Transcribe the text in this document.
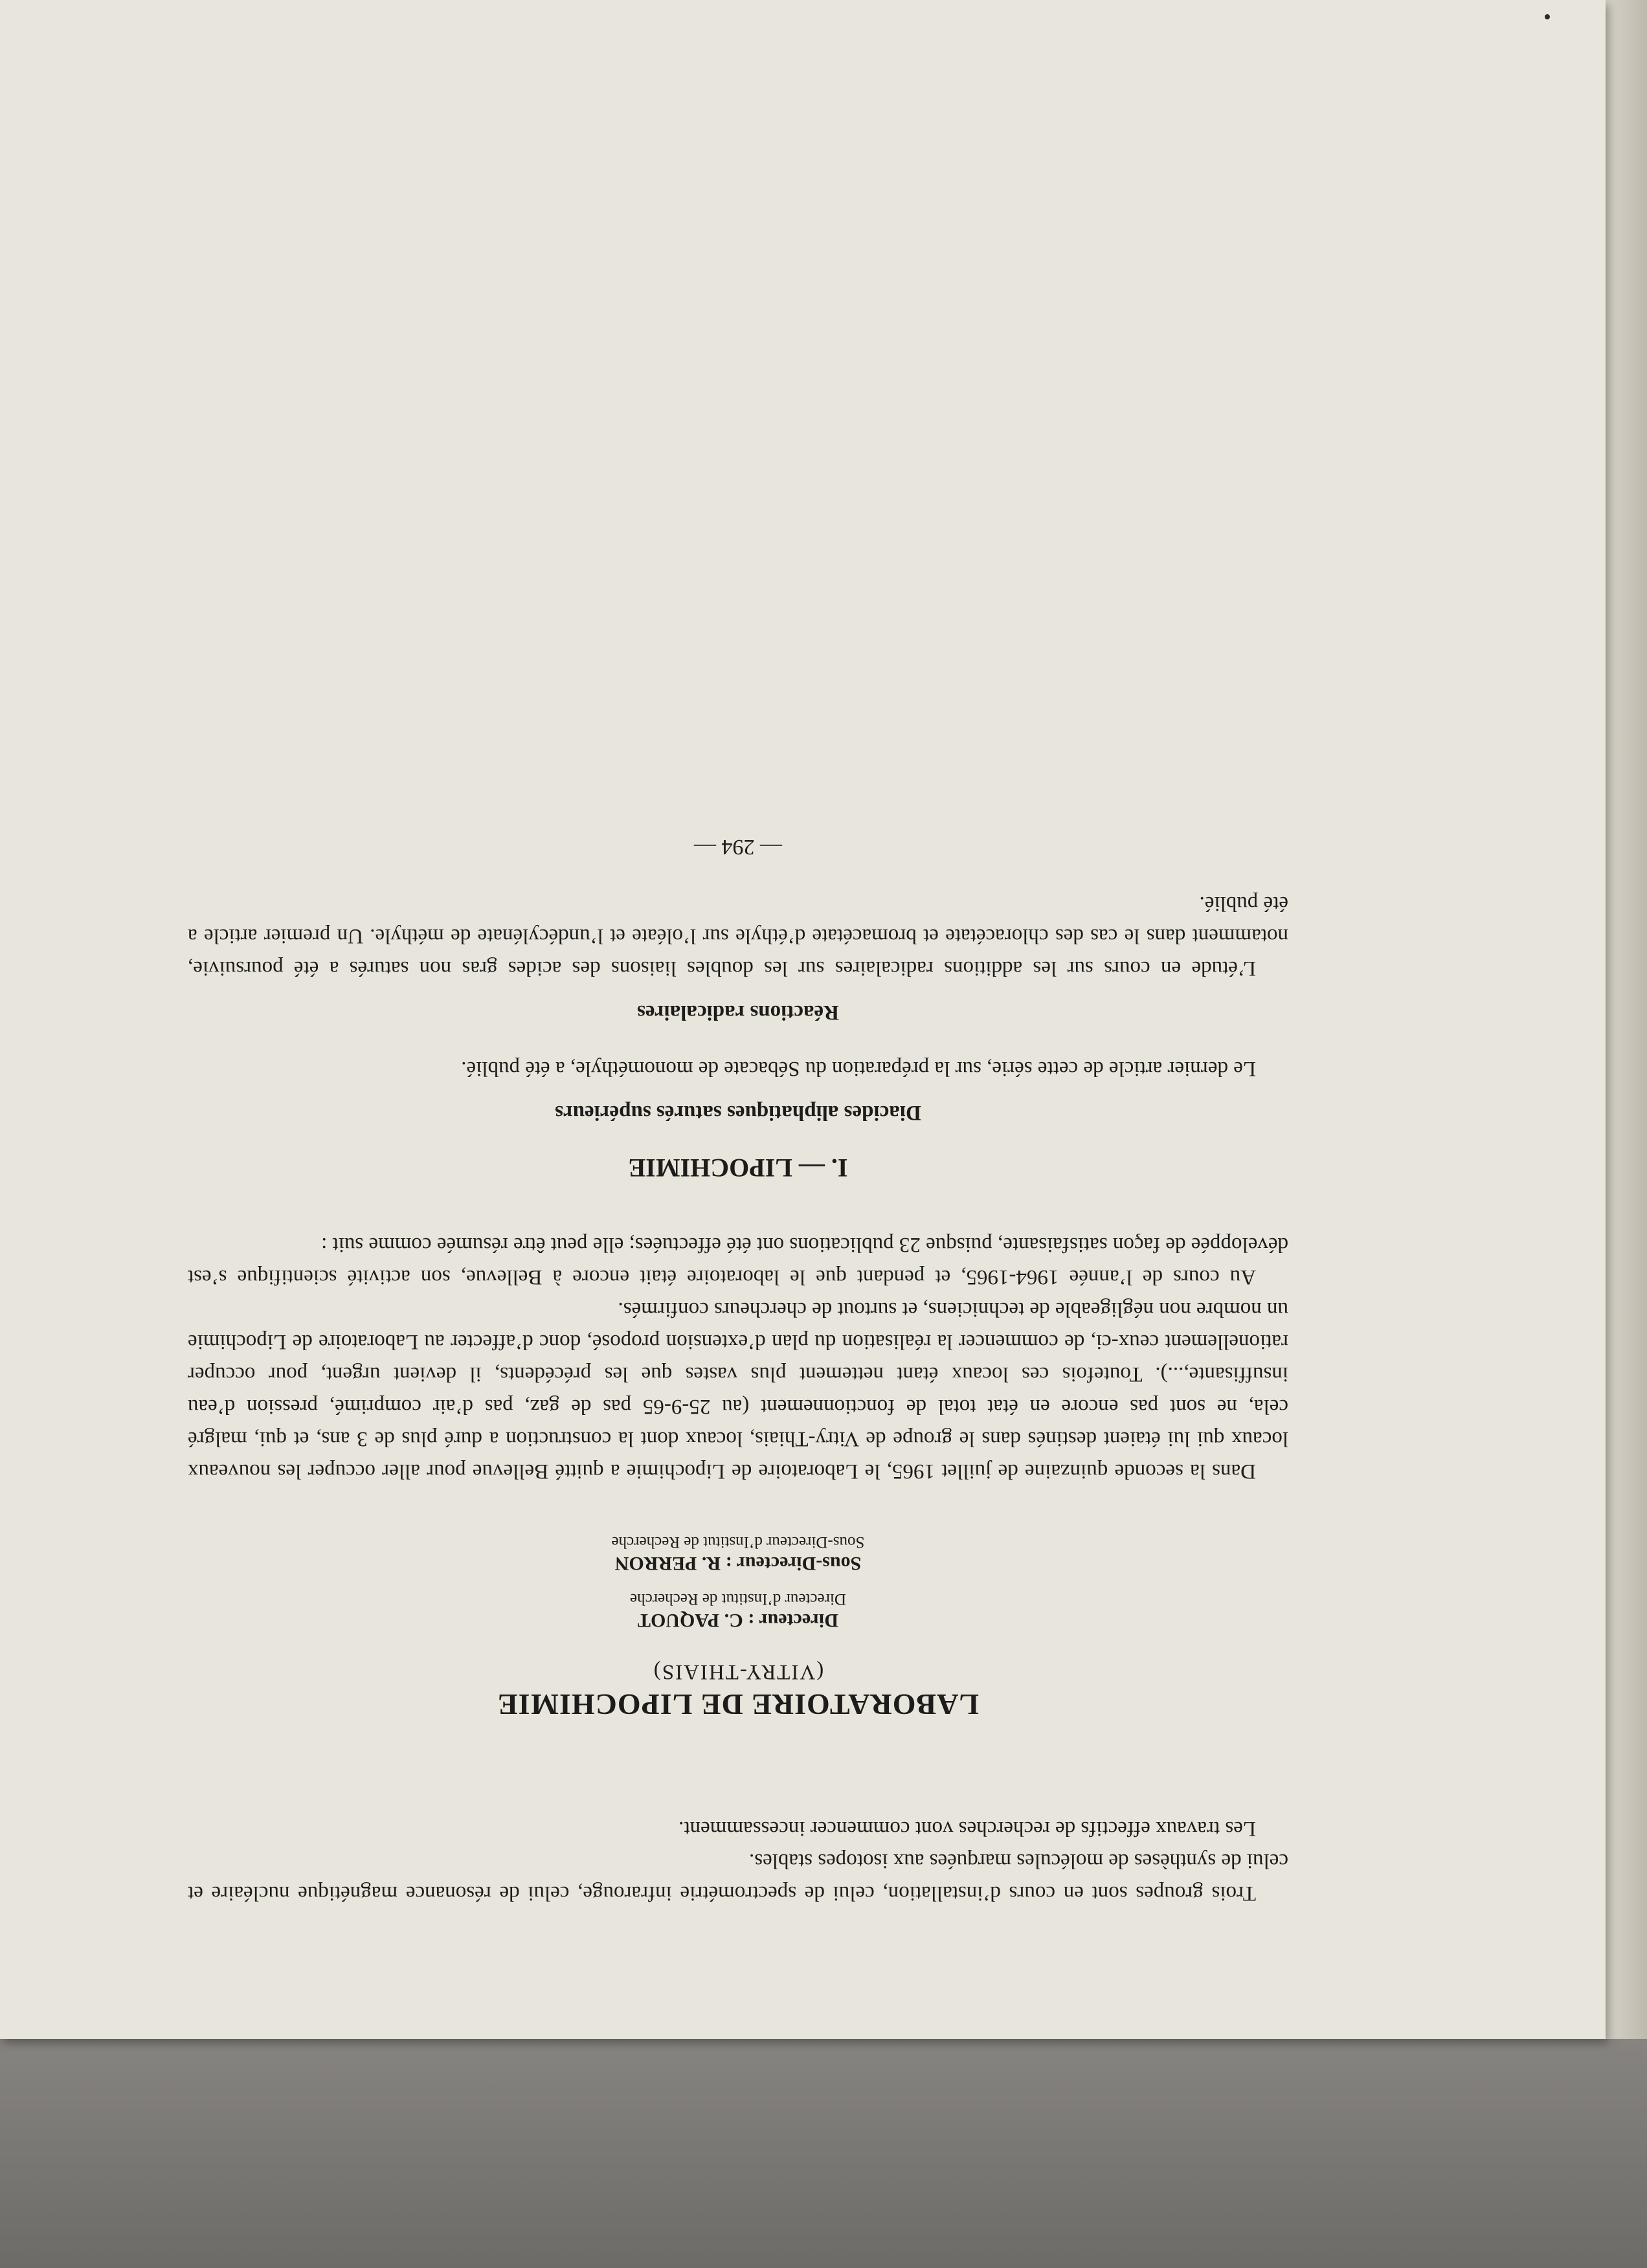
Trois groupes sont en cours d’installation, celui de spectrométrie infrarouge, celui de résonance magnétique nucléaire et celui de synthèses de molécules marquées aux isotopes stables.

Les travaux effectifs de recherches vont commencer incessamment.

LABORATOIRE DE LIPOCHIMIE

(VITRY-THIAIS)

Directeur : C. PAQUOT

Directeur d’Institut de Recherche

Sous-Directeur : R. PERRON

Sous-Directeur d’Institut de Recherche

Dans la seconde quinzaine de juillet 1965, le Laboratoire de Lipochimie a quitté Bellevue pour aller occuper les nouveaux locaux qui lui étaient destinés dans le groupe de Vitry-Thiais, locaux dont la construction a duré plus de 3 ans, et qui, malgré cela, ne sont pas encore en état total de fonctionnement (au 25-9-65 pas de gaz, pas d’air comprimé, pression d’eau insuffisante,...). Toutefois ces locaux étant nettement plus vastes que les précédents, il devient urgent, pour occuper rationellement ceux-ci, de commencer la réalisation du plan d’extension proposé, donc d’affecter au Laboratoire de Lipochimie un nombre non négligeable de techniciens, et surtout de chercheurs confirmés.

Au cours de l’année 1964-1965, et pendant que le laboratoire était encore à Bellevue, son activité scientifique s’est développée de façon satisfaisante, puisque 23 publications ont été effectuées; elle peut être résumée comme suit :

I. — LIPOCHIMIE

Diacides aliphatiques saturés supérieurs

Le dernier article de cette série, sur la préparation du Sébacate de monométhyle, a été publié.

Réactions radicalaires

L’étude en cours sur les additions radicalaires sur les doubles liaisons des acides gras non saturés a été poursuivie, notamment dans le cas des chloracétate et bromacétate d’éthyle sur l’oléate et l’undécylénate de méthyle. Un premier article a été publié.

— 294 —
